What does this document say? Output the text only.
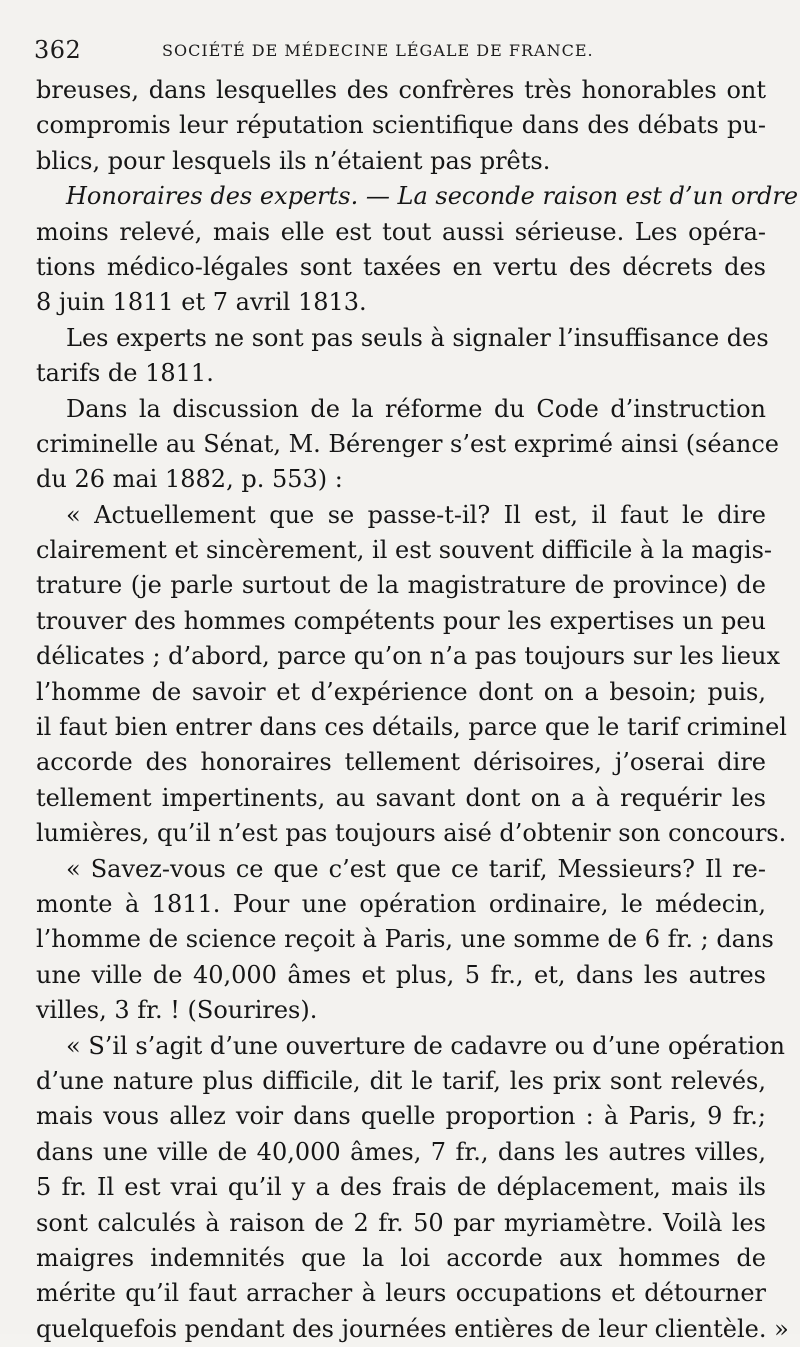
362	SOCIÉTÉ DE MÉDECINE LÉGALE DE FRANCE.
breuses, dans lesquelles des confrères très honorables ont
compromis leur réputation scientifique dans des débats pu-
blics, pour lesquels ils n’étaient pas prêts.
Honoraires des experts. — La seconde raison est d’un ordre
moins relevé, mais elle est tout aussi sérieuse. Les opéra-
tions médico-légales sont taxées en vertu des décrets des
8 juin 1811 et 7 avril 1813.
Les experts ne sont pas seuls à signaler l’insuffisance des
tarifs de 1811.
Dans la discussion de la réforme du Code d’instruction
criminelle au Sénat, M. Bérenger s’est exprimé ainsi (séance
du 26 mai 1882, p. 553) :
« Actuellement que se passe-t-il? Il est, il faut le dire
clairement et sincèrement, il est souvent difficile à la magis-
trature (je parle surtout de la magistrature de province) de
trouver des hommes compétents pour les expertises un peu
délicates ; d’abord, parce qu’on n’a pas toujours sur les lieux
l’homme de savoir et d’expérience dont on a besoin; puis,
il faut bien entrer dans ces détails, parce que le tarif criminel
accorde des honoraires tellement dérisoires, j’oserai dire
tellement impertinents, au savant dont on a à requérir les
lumières, qu’il n’est pas toujours aisé d’obtenir son concours.
« Savez-vous ce que c’est que ce tarif, Messieurs? Il re-
monte à 1811. Pour une opération ordinaire, le médecin,
l’homme de science reçoit à Paris, une somme de 6 fr. ; dans
une ville de 40,000 âmes et plus, 5 fr., et, dans les autres
villes, 3 fr. ! (Sourires).
« S’il s’agit d’une ouverture de cadavre ou d’une opération
d’une nature plus difficile, dit le tarif, les prix sont relevés,
mais vous allez voir dans quelle proportion : à Paris, 9 fr.;
dans une ville de 40,000 âmes, 7 fr., dans les autres villes,
5 fr. Il est vrai qu’il y a des frais de déplacement, mais ils
sont calculés à raison de 2 fr. 50 par myriamètre. Voilà les
maigres indemnités que la loi accorde aux hommes de
mérite qu’il faut arracher à leurs occupations et détourner
quelquefois pendant des journées entières de leur clientèle. »
